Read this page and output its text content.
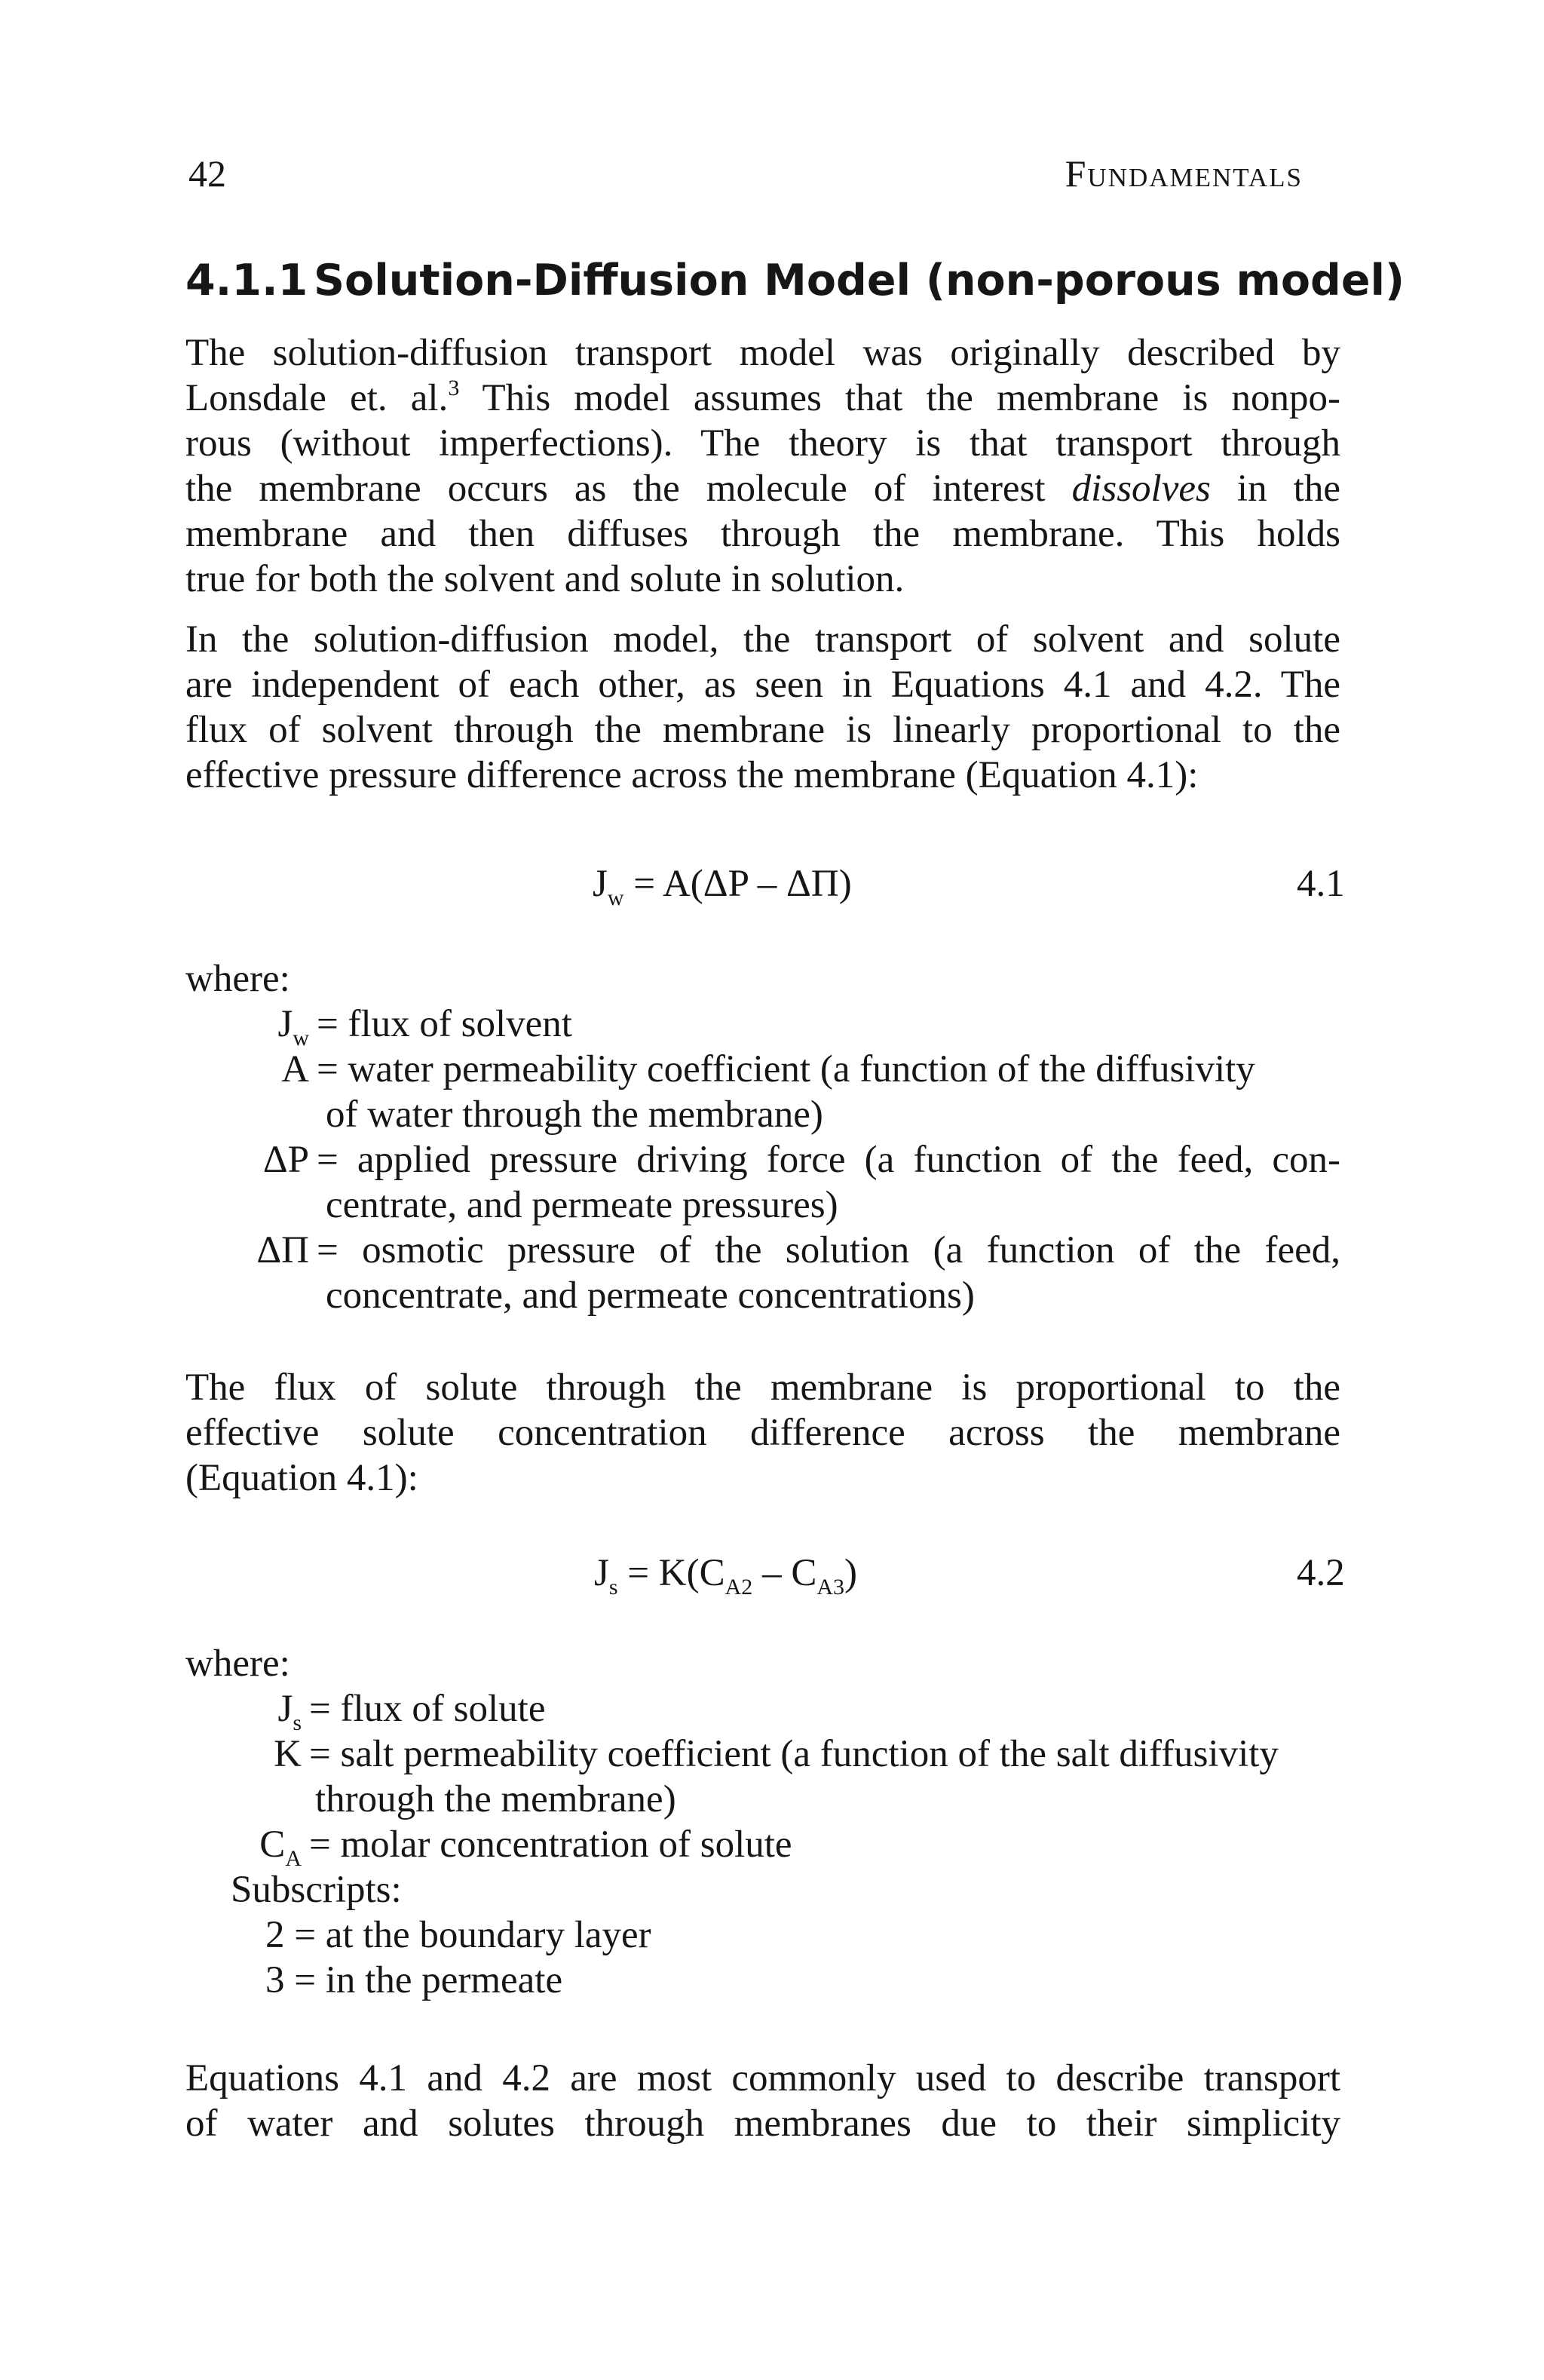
42	Fundamentals
4.1.1 Solution-Diffusion Model (non-porous model)
The solution-diffusion transport model was originally described by
Lonsdale et. al.$^3$ This model assumes that the membrane is nonpo-
rous (without imperfections). The theory is that transport through
the membrane occurs as the molecule of interest dissolves in the
membrane and then diffuses through the membrane. This holds
true for both the solvent and solute in solution.
In the solution-diffusion model, the transport of solvent and solute
are independent of each other, as seen in Equations 4.1 and 4.2. The
flux of solvent through the membrane is linearly proportional to the
effective pressure difference across the membrane (Equation 4.1):
$J_w = A(\Delta P - \Delta\Pi)$	4.1
where:
$J_w$ = flux of solvent
A = water permeability coefficient (a function of the diffusivity
of water through the membrane)
ΔP = applied pressure driving force (a function of the feed, con-
centrate, and permeate pressures)
ΔΠ = osmotic pressure of the solution (a function of the feed,
concentrate, and permeate concentrations)
The flux of solute through the membrane is proportional to the
effective solute concentration difference across the membrane
(Equation 4.1):
$J_s = K(C_{A2} - C_{A3})$	4.2
where:
$J_s$ = flux of solute
K = salt permeability coefficient (a function of the salt diffusivity
through the membrane)
$C_A$ = molar concentration of solute
Subscripts:
2 = at the boundary layer
3 = in the permeate
Equations 4.1 and 4.2 are most commonly used to describe transport
of water and solutes through membranes due to their simplicity
